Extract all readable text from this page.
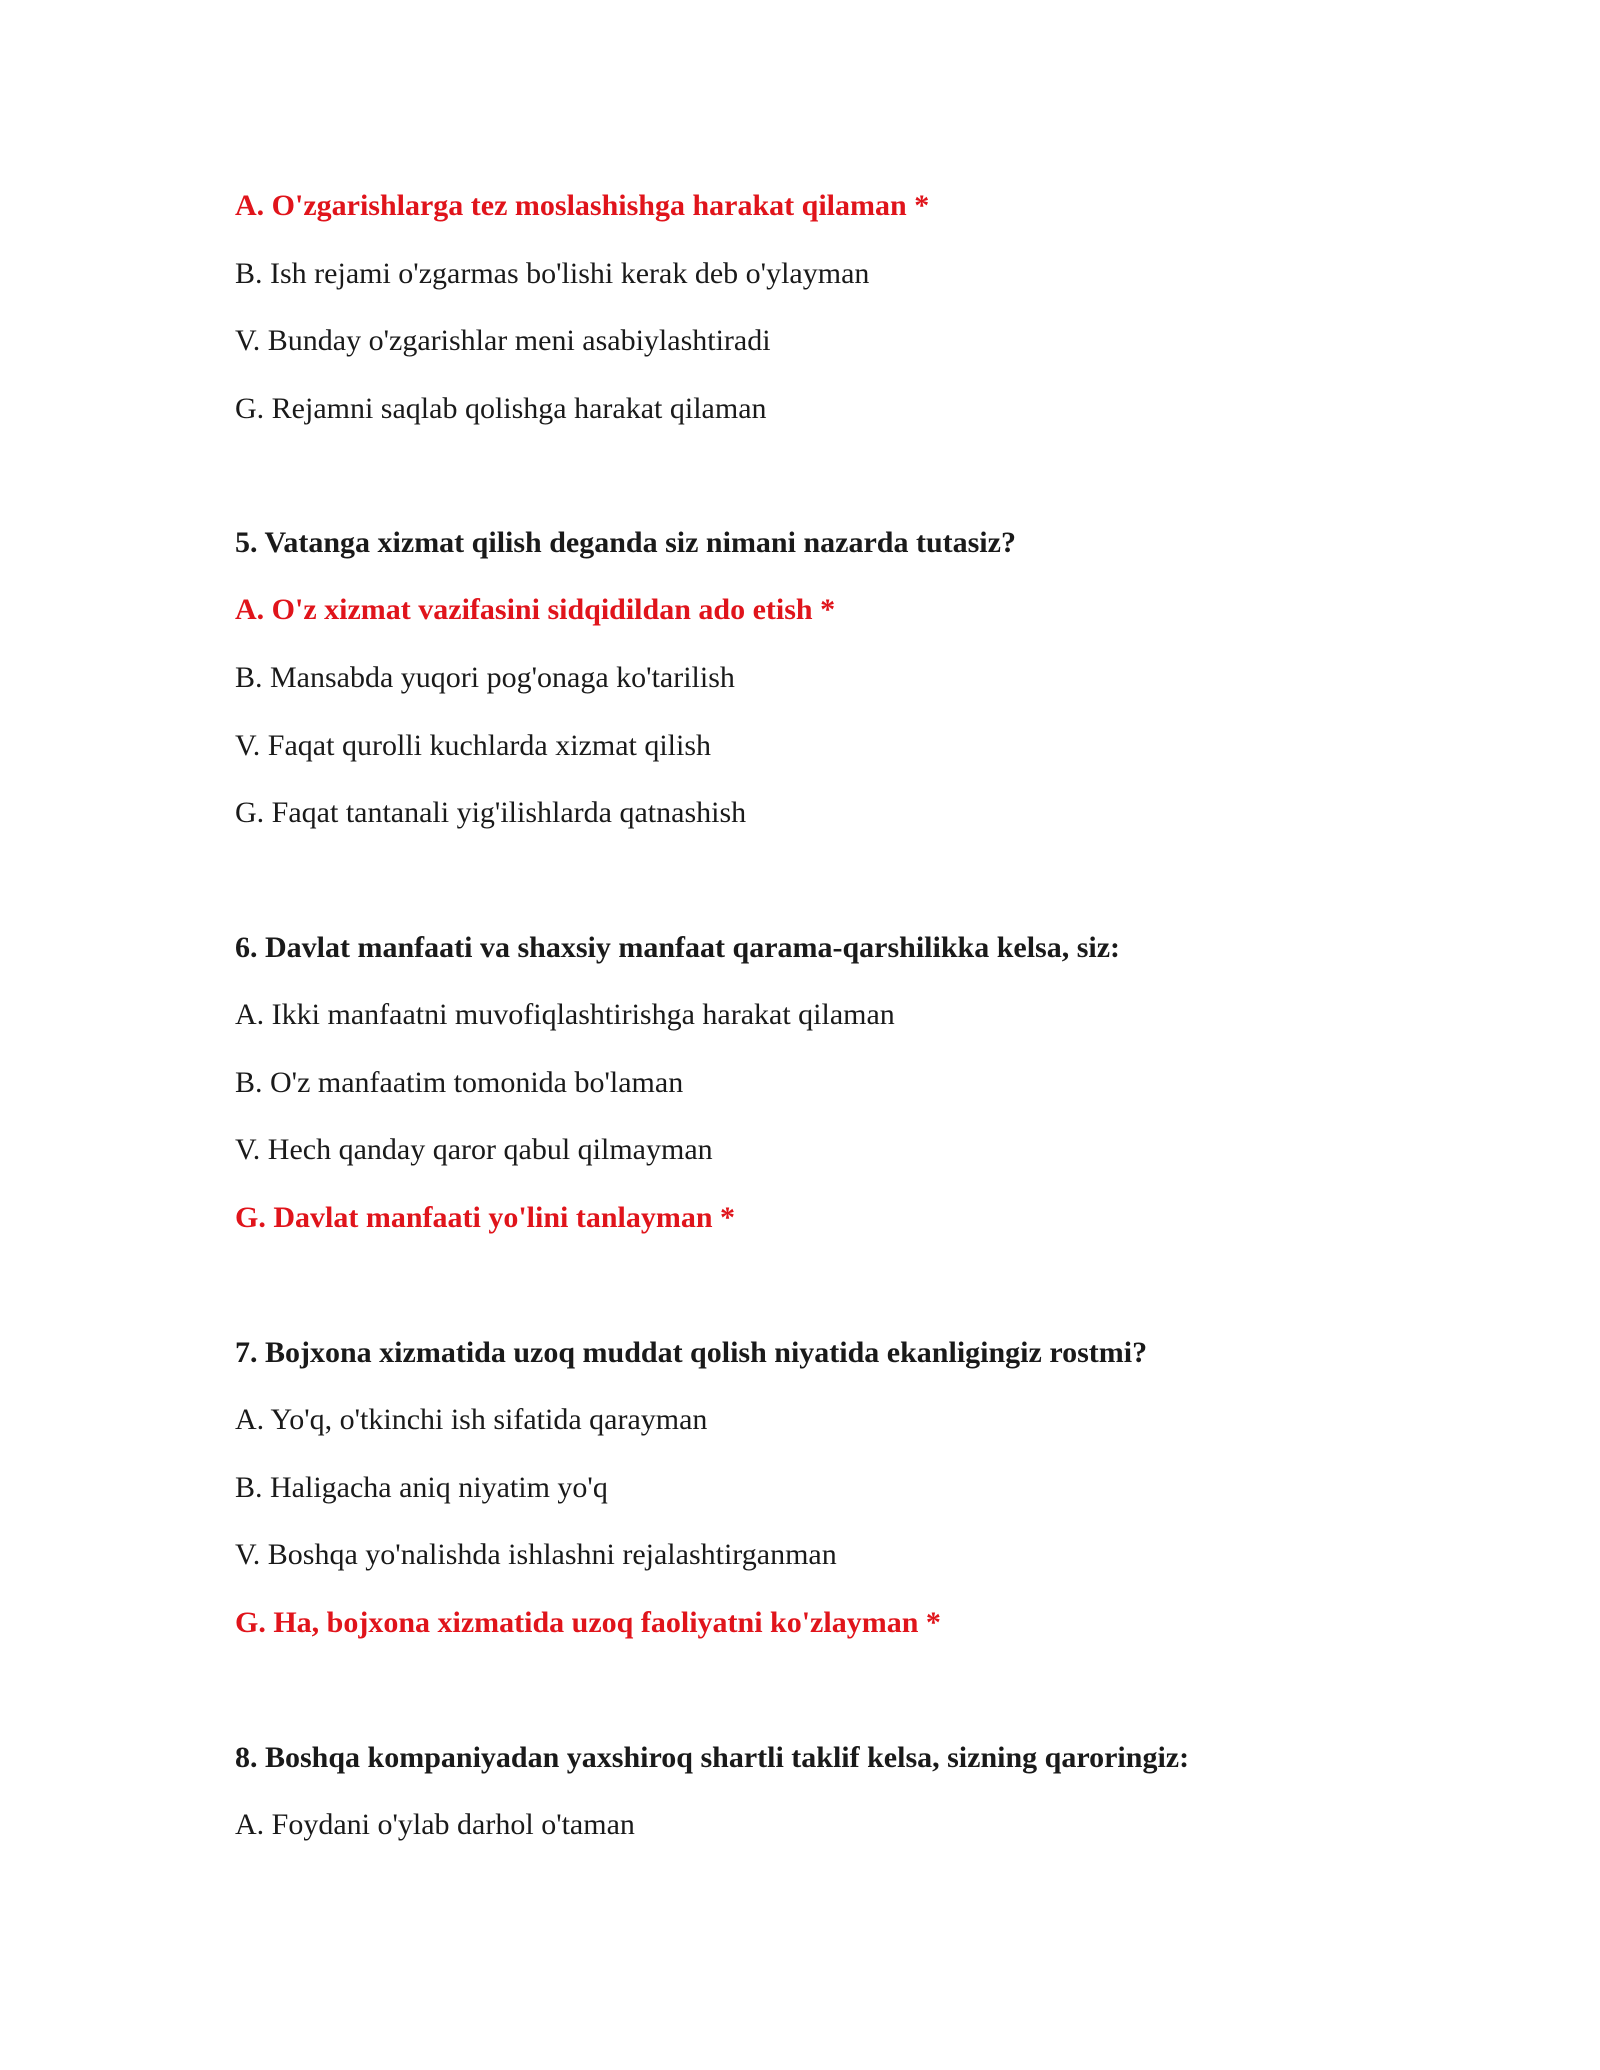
A. O'zgarishlarga tez moslashishga harakat qilaman *
B. Ish rejami o'zgarmas bo'lishi kerak deb o'ylayman
V. Bunday o'zgarishlar meni asabiylashtiradi
G. Rejamni saqlab qolishga harakat qilaman
5. Vatanga xizmat qilish deganda siz nimani nazarda tutasiz?
A. O'z xizmat vazifasini sidqidildan ado etish *
B. Mansabda yuqori pog'onaga ko'tarilish
V. Faqat qurolli kuchlarda xizmat qilish
G. Faqat tantanali yig'ilishlarda qatnashish
6. Davlat manfaati va shaxsiy manfaat qarama-qarshilikka kelsa, siz:
A. Ikki manfaatni muvofiqlashtirishga harakat qilaman
B. O'z manfaatim tomonida bo'laman
V. Hech qanday qaror qabul qilmayman
G. Davlat manfaati yo'lini tanlayman *
7. Bojxona xizmatida uzoq muddat qolish niyatida ekanligingiz rostmi?
A. Yo'q, o'tkinchi ish sifatida qarayman
B. Haligacha aniq niyatim yo'q
V. Boshqa yo'nalishda ishlashni rejalashtirganman
G. Ha, bojxona xizmatida uzoq faoliyatni ko'zlayman *
8. Boshqa kompaniyadan yaxshiroq shartli taklif kelsa, sizning qaroringiz:
A. Foydani o'ylab darhol o'taman
